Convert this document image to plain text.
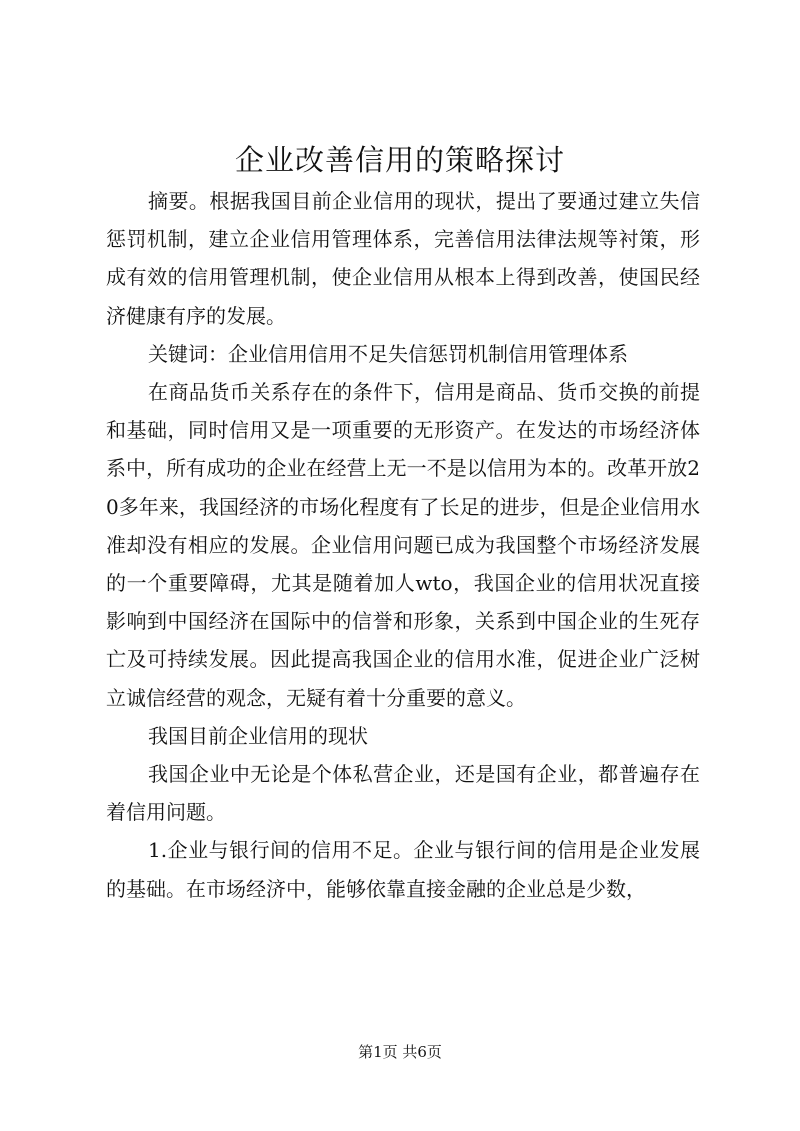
企业改善信用的策略探讨

摘要。根据我国目前企业信用的现状，提出了要通过建立失信惩罚机制，建立企业信用管理体系，完善信用法律法规等衬策，形成有效的信用管理机制，使企业信用从根本上得到改善，使国民经济健康有序的发展。

关键词：企业信用信用不足失信惩罚机制信用管理体系

在商品货币关系存在的条件下，信用是商品、货币交换的前提和基础，同时信用又是一项重要的无形资产。在发达的市场经济体系中，所有成功的企业在经营上无一不是以信用为本的。改革开放20多年来，我国经济的市场化程度有了长足的进步，但是企业信用水准却没有相应的发展。企业信用问题已成为我国整个市场经济发展的一个重要障碍，尤其是随着加人wto，我国企业的信用状况直接影响到中国经济在国际中的信誉和形象，关系到中国企业的生死存亡及可持续发展。因此提高我国企业的信用水准，促进企业广泛树立诚信经营的观念，无疑有着十分重要的意义。

我国目前企业信用的现状

我国企业中无论是个体私营企业，还是国有企业，都普遍存在着信用问题。

1.企业与银行间的信用不足。企业与银行间的信用是企业发展的基础。在市场经济中，能够依靠直接金融的企业总是少数，

第1页 共6页
